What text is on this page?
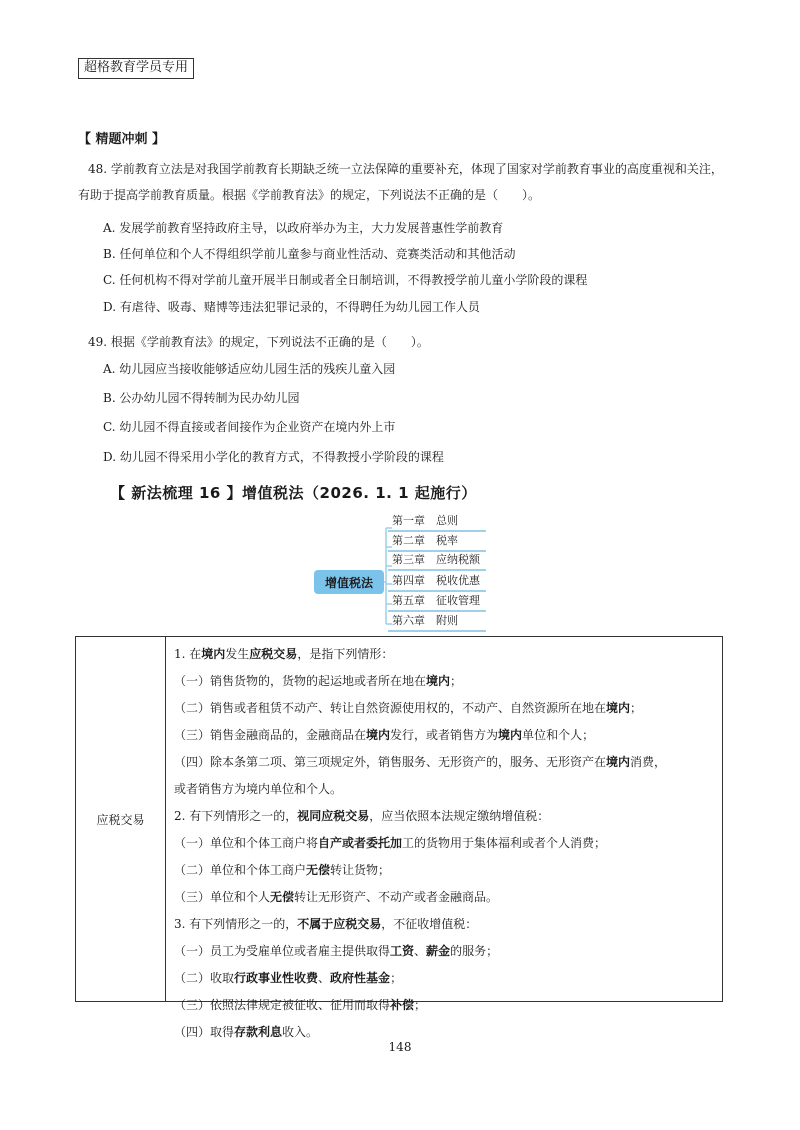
超格教育学员专用
【 精题冲刺 】
48. 学前教育立法是对我国学前教育长期缺乏统一立法保障的重要补充，体现了国家对学前教育事业的高度重视和关注，有助于提高学前教育质量。根据《学前教育法》的规定，下列说法不正确的是（　　）。
A. 发展学前教育坚持政府主导，以政府举办为主，大力发展普惠性学前教育
B. 任何单位和个人不得组织学前儿童参与商业性活动、竞赛类活动和其他活动
C. 任何机构不得对学前儿童开展半日制或者全日制培训，不得教授学前儿童小学阶段的课程
D. 有虐待、吸毒、赌博等违法犯罪记录的，不得聘任为幼儿园工作人员
49. 根据《学前教育法》的规定，下列说法不正确的是（　　）。
A. 幼儿园应当接收能够适应幼儿园生活的残疾儿童入园
B. 公办幼儿园不得转制为民办幼儿园
C. 幼儿园不得直接或者间接作为企业资产在境内外上市
D. 幼儿园不得采用小学化的教育方式，不得教授小学阶段的课程
【 新法梳理 16 】增值税法（2026. 1. 1 起施行）
增值税法
第一章　总则
第二章　税率
第三章　应纳税额
第四章　税收优惠
第五章　征收管理
第六章　附则
应税交易
1. 在境内发生应税交易，是指下列情形：
（一）销售货物的，货物的起运地或者所在地在境内；
（二）销售或者租赁不动产、转让自然资源使用权的，不动产、自然资源所在地在境内；
（三）销售金融商品的，金融商品在境内发行，或者销售方为境内单位和个人；
（四）除本条第二项、第三项规定外，销售服务、无形资产的，服务、无形资产在境内消费，
或者销售方为境内单位和个人。
2. 有下列情形之一的，视同应税交易，应当依照本法规定缴纳增值税：
（一）单位和个体工商户将自产或者委托加工的货物用于集体福利或者个人消费；
（二）单位和个体工商户无偿转让货物；
（三）单位和个人无偿转让无形资产、不动产或者金融商品。
3. 有下列情形之一的，不属于应税交易，不征收增值税：
（一）员工为受雇单位或者雇主提供取得工资、薪金的服务；
（二）收取行政事业性收费、政府性基金；
（三）依照法律规定被征收、征用而取得补偿；
（四）取得存款利息收入。
148
